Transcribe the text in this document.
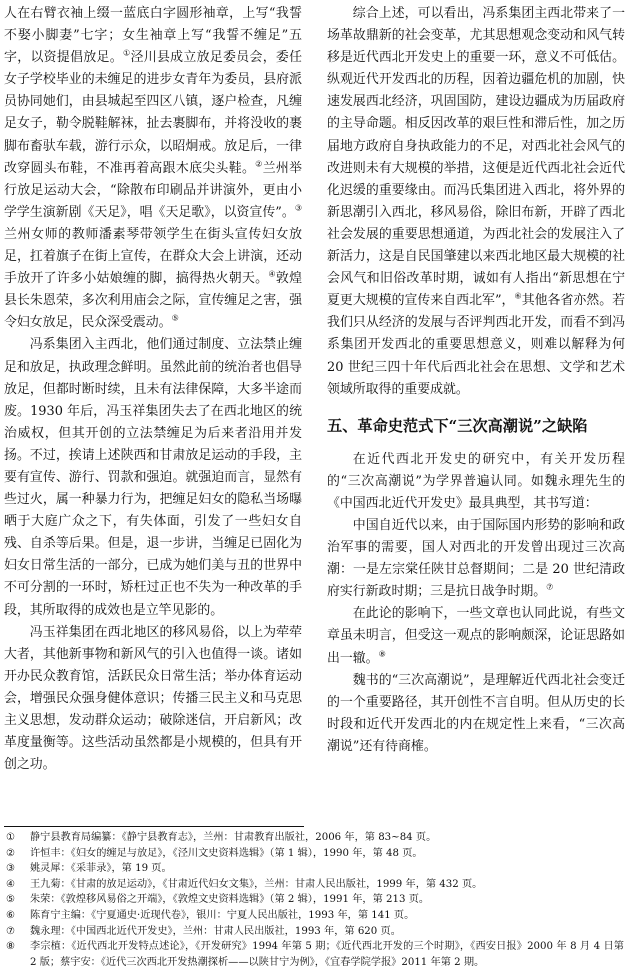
人在右臂衣袖上缀一蓝底白字圆形袖章，上写“我誓不娶小脚妻”七字；女生袖章上写“我誓不缠足”五字，以资提倡放足。①泾川县成立放足委员会，委任女子学校毕业的未缠足的进步女青年为委员，县府派员协同她们，由县城起至四区八镇，逐户检查，凡缠足女子，勒令脱鞋解袜，扯去裹脚布，并将没收的裹脚布畜驮车载，游行示众，以昭炯戒。放足后，一律改穿圆头布鞋，不准再着高跟木底尖头鞋。②兰州举行放足运动大会，“除散布印刷品并讲演外，更由小学学生演新剧《天足》，唱《天足歌》，以资宣传”。③兰州女师的教师潘素琴带领学生在街头宣传妇女放足，扛着旗子在街上宣传，在群众大会上讲演，还动手放开了许多小姑娘缠的脚，搞得热火朝天。④敦煌县长朱恩荣，多次利用庙会之际，宣传缠足之害，强令妇女放足，民众深受震动。⑤

冯系集团入主西北，他们通过制度、立法禁止缠足和放足，执政理念鲜明。虽然此前的统治者也倡导放足，但都时断时续，且未有法律保障，大多半途而废。1930 年后，冯玉祥集团失去了在西北地区的统治威权，但其开创的立法禁缠足为后来者沿用并发扬。不过，挨请上述陕西和甘肃放足运动的手段，主要有宣传、游行、罚款和强迫。就强迫而言，显然有些过火，属一种暴力行为，把缠足妇女的隐私当场曝晒于大庭广众之下，有失体面，引发了一些妇女自残、自杀等后果。但是，退一步讲，当缠足已固化为妇女日常生活的一部分，已成为她们美与丑的世界中不可分割的一环时，矫枉过正也不失为一种改革的手段，其所取得的成效也是立竿见影的。

冯玉祥集团在西北地区的移风易俗，以上为荦荦大者，其他新事物和新风气的引入也值得一谈。诸如开办民众教育馆，活跃民众日常生活；举办体育运动会，增强民众强身健体意识；传播三民主义和马克思主义思想，发动群众运动；破除迷信，开启新风；改革度量衡等。这些活动虽然都是小规模的，但具有开创之功。

综合上述，可以看出，冯系集团主西北带来了一场革故鼎新的社会变革，尤其思想观念变动和风气转移是近代西北开发史上的重要一环，意义不可低估。纵观近代开发西北的历程，因着边疆危机的加剧，快速发展西北经济，巩固国防，建设边疆成为历届政府的主导命题。相反因改革的艰巨性和滞后性，加之历届地方政府自身执政能力的不足，对西北社会风气的改进则未有大规模的举措，这便是近代西北社会近代化迟缓的重要缘由。而冯氏集团进入西北，将外界的新思潮引入西北，移风易俗，除旧布新，开辟了西北社会发展的重要思想通道，为西北社会的发展注入了新活力，这是自民国肇建以来西北地区最大规模的社会风气和旧俗改革时期，诚如有人指出“新思想在宁夏更大规模的宣传来自西北军”，⑥其他各省亦然。若我们只从经济的发展与否评判西北开发，而看不到冯系集团开发西北的重要思想意义，则难以解释为何 20 世纪三四十年代后西北社会在思想、文学和艺术领域所取得的重要成就。

五、革命史范式下“三次高潮说”之缺陷

在近代西北开发史的研究中，有关开发历程的“三次高潮说”为学界普遍认同。如魏永理先生的《中国西北近代开发史》最具典型，其书写道：

中国自近代以来，由于国际国内形势的影响和政治军事的需要，国人对西北的开发曾出现过三次高潮：一是左宗棠任陕甘总督期间；二是 20 世纪清政府实行新政时期；三是抗日战争时期。⑦

在此论的影响下，一些文章也认同此说，有些文章虽未明言，但受这一观点的影响颇深，论证思路如出一辙。⑧

魏书的“三次高潮说”，是理解近代西北社会变迁的一个重要路径，其开创性不言自明。但从历史的长时段和近代开发西北的内在规定性上来看，“三次高潮说”还有待商榷。

①	静宁县教育局编纂：《静宁县教育志》，兰州：甘肃教育出版社，2006 年，第 83~84 页。
②	许恒丰：《妇女的缠足与放足》，《泾川文史资料选辑》（第 1 辑），1990 年，第 48 页。
③	姚灵犀：《采菲录》，第 19 页。
④	王九菊：《甘肃的放足运动》，《甘肃近代妇女文集》，兰州：甘肃人民出版社，1999 年，第 432 页。
⑤	朱荣：《敦煌移风易俗之开端》，《敦煌文史资料选辑》（第 2 辑），1991 年，第 213 页。
⑥	陈育宁主编：《宁夏通史·近现代卷》，银川：宁夏人民出版社，1993 年，第 141 页。
⑦	魏永理：《中国西北近代开发史》，兰州：甘肃人民出版社，1993 年，第 620 页。
⑧	李宗植：《近代西北开发特点述论》，《开发研究》1994 年第 5 期；《近代西北开发的三个时期》，《西安日报》2000 年 8 月 4 日第 2 版；蔡宇安：《近代三次西北开发热潮探析——以陕甘宁为例》，《宜春学院学报》2011 年第 2 期。
